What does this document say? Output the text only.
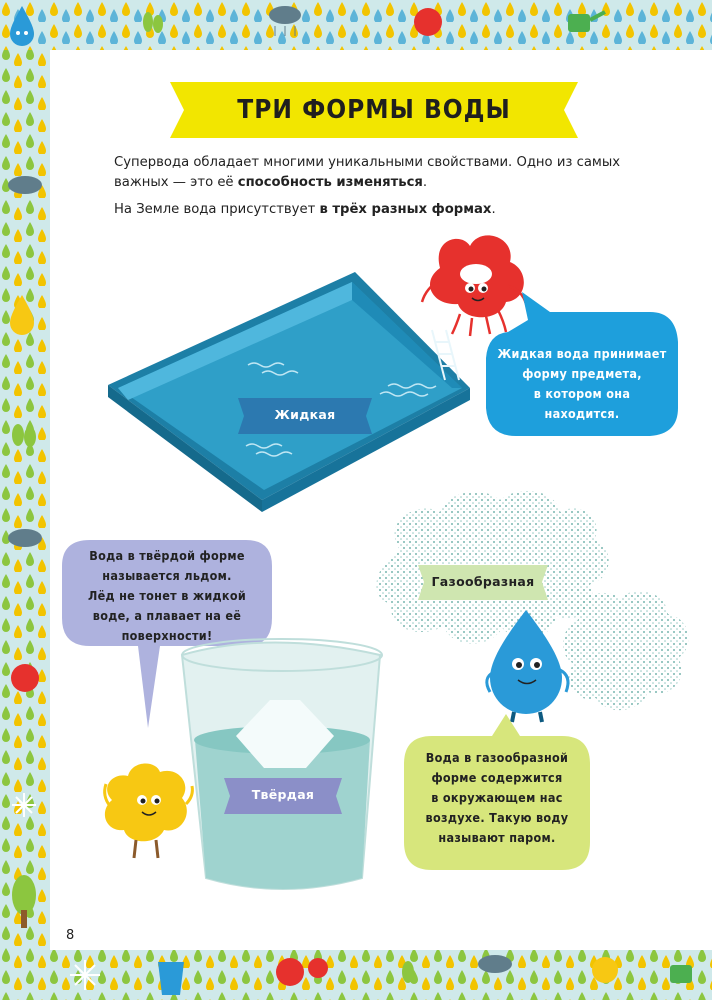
ТРИ ФОРМЫ ВОДЫ

Супервода обладает многими уникальными свойствами. Одно из самых важных — это её способность изменяться.

На Земле вода присутствует в трёх разных формах.

Жидкая вода принимает
форму предмета,
в котором она
находится.
Вода в твёрдой форме
называется льдом.
Лёд не тонет в жидкой
воде, а плавает на её
поверхности!
Вода в газообразной
форме содержится
в окружающем нас
воздухе. Такую воду
называют паром.
Жидкая
Твёрдая
Газообразная
8
